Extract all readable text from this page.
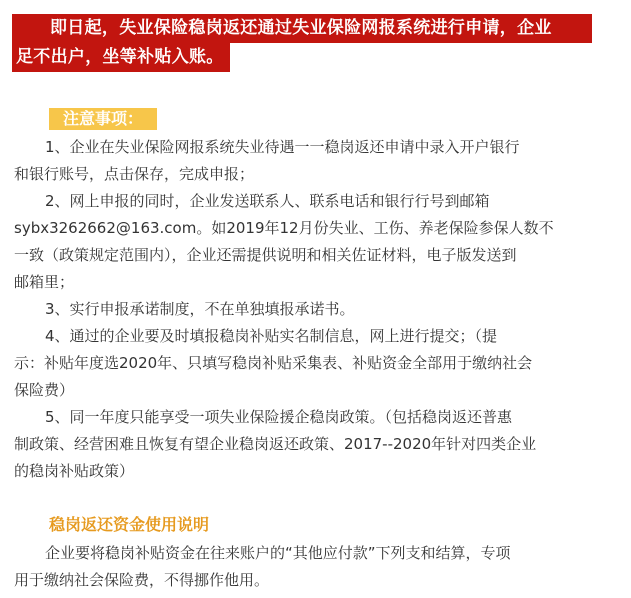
即日起，失业保险稳岗返还通过失业保险网报系统进行申请，企业
足不出户，坐等补贴入账。
注意事项：
1、企业在失业保险网报系统失业待遇一一稳岗返还申请中录入开户银行
和银行账号，点击保存，完成申报；
2、网上申报的同时，企业发送联系人、联系电话和银行行号到邮箱
sybx3262662@163.com。如2019年12月份失业、工伤、养老保险参保人数不
一致（政策规定范围内），企业还需提供说明和相关佐证材料，电子版发送到
邮箱里；
3、实行申报承诺制度，不在单独填报承诺书。
4、通过的企业要及时填报稳岗补贴实名制信息，网上进行提交；（提
示：补贴年度选2020年、只填写稳岗补贴采集表、补贴资金全部用于缴纳社会
保险费）
5、同一年度只能享受一项失业保险援企稳岗政策。（包括稳岗返还普惠
制政策、经营困难且恢复有望企业稳岗返还政策、2017--2020年针对四类企业
的稳岗补贴政策）
稳岗返还资金使用说明
企业要将稳岗补贴资金在往来账户的“其他应付款”下列支和结算，专项
用于缴纳社会保险费，不得挪作他用。
